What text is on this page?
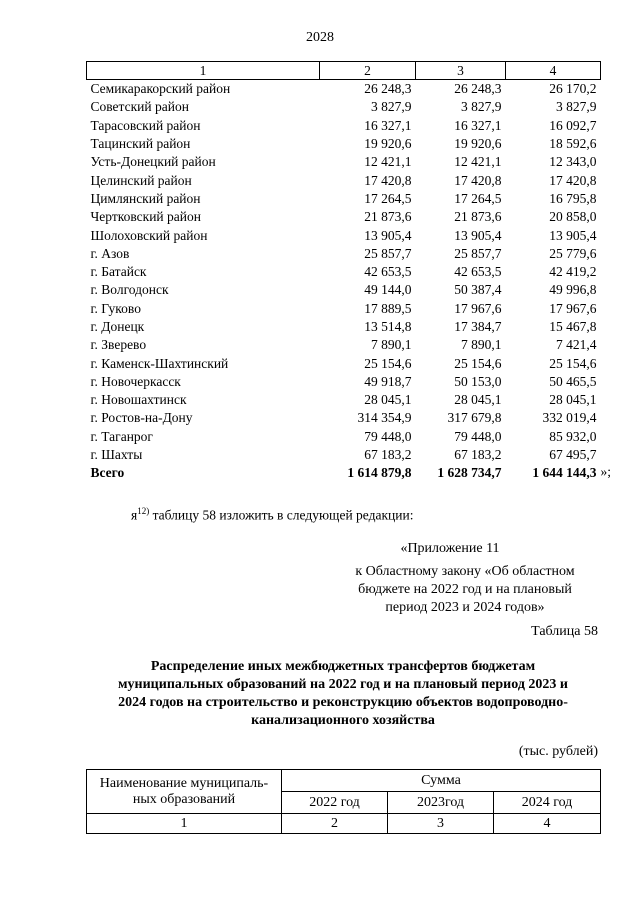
2028
1	2	3	4
Семикаракорский район	26 248,3	26 248,3	26 170,2
Советский район	3 827,9	3 827,9	3 827,9
Тарасовский район	16 327,1	16 327,1	16 092,7
Тацинский район	19 920,6	19 920,6	18 592,6
Усть-Донецкий район	12 421,1	12 421,1	12 343,0
Целинский район	17 420,8	17 420,8	17 420,8
Цимлянский район	17 264,5	17 264,5	16 795,8
Чертковский район	21 873,6	21 873,6	20 858,0
Шолоховский район	13 905,4	13 905,4	13 905,4
г. Азов	25 857,7	25 857,7	25 779,6
г. Батайск	42 653,5	42 653,5	42 419,2
г. Волгодонск	49 144,0	50 387,4	49 996,8
г. Гуково	17 889,5	17 967,6	17 967,6
г. Донецк	13 514,8	17 384,7	15 467,8
г. Зверево	7 890,1	7 890,1	7 421,4
г. Каменск-Шахтинский	25 154,6	25 154,6	25 154,6
г. Новочеркасск	49 918,7	50 153,0	50 465,5
г. Новошахтинск	28 045,1	28 045,1	28 045,1
г. Ростов-на-Дону	314 354,9	317 679,8	332 019,4
г. Таганрог	79 448,0	79 448,0	85 932,0
г. Шахты	67 183,2	67 183,2	67 495,7
Всего	1 614 879,8	1 628 734,7	1 644 144,3 »;
$я^{12)}$ таблицу 58 изложить в следующей редакции:
«Приложение 11
к Областному закону «Об областном
бюджете на 2022 год и на плановый
период 2023 и 2024 годов»
Таблица 58
Распределение иных межбюджетных трансфертов бюджетам
муниципальных образований на 2022 год и на плановый период 2023 и
2024 годов на строительство и реконструкцию объектов водопроводно-
канализационного хозяйства
(тыс. рублей)
Наименование муниципаль-
ных образований	Сумма		
	2022 год	2023год	2024 год
1	2	3	4
